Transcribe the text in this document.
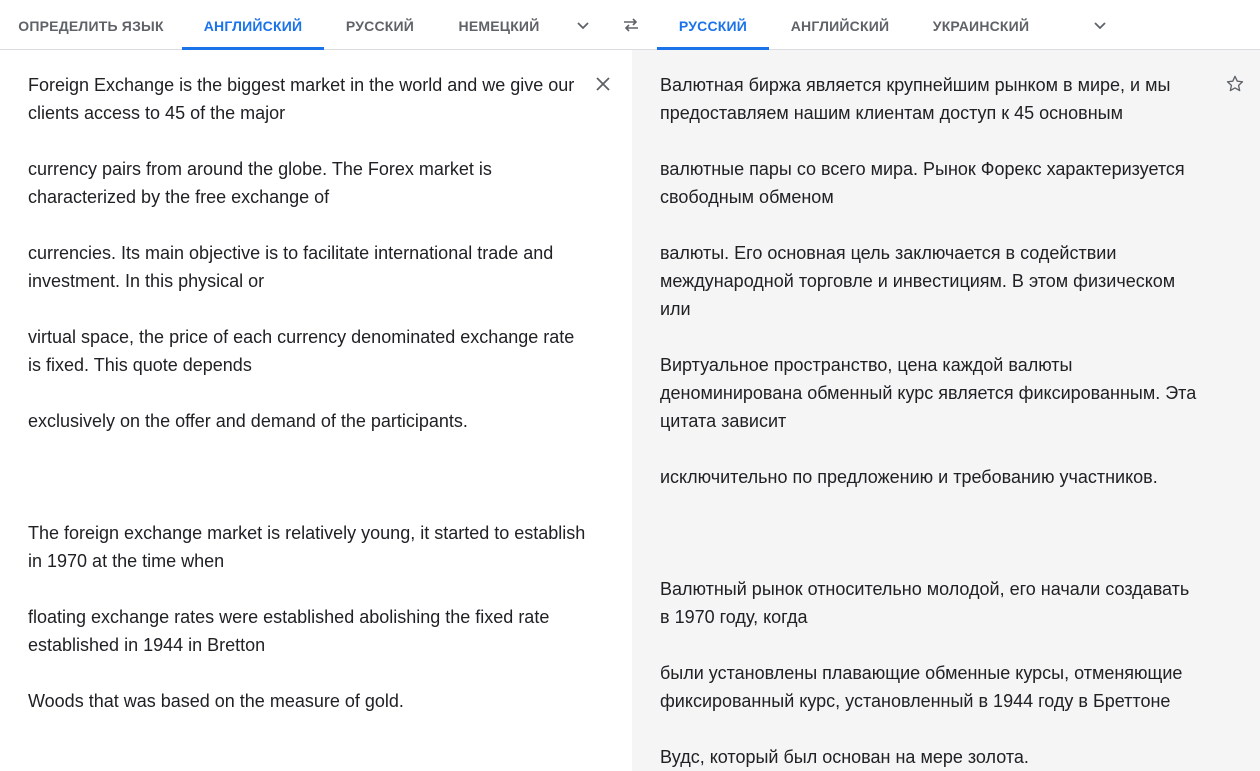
ОПРЕДЕЛИТЬ ЯЗЫК	АНГЛИЙСКИЙ	РУССКИЙ	НЕМЕЦКИЙ	РУССКИЙ	АНГЛИЙСКИЙ	УКРАИНСКИЙ

Foreign Exchange is the biggest market in the world and we give our clients access to 45 of the major

currency pairs from around the globe. The Forex market is characterized by the free exchange of

currencies. Its main objective is to facilitate international trade and investment. In this physical or

virtual space, the price of each currency denominated exchange rate is fixed. This quote depends

exclusively on the offer and demand of the participants.

The foreign exchange market is relatively young, it started to establish in 1970 at the time when

floating exchange rates were established abolishing the fixed rate established in 1944 in Bretton

Woods that was based on the measure of gold.

Валютная биржа является крупнейшим рынком в мире, и мы предоставляем нашим клиентам доступ к 45 основным

валютные пары со всего мира. Рынок Форекс характеризуется свободным обменом

валюты. Его основная цель заключается в содействии международной торговле и инвестициям. В этом физическом или

Виртуальное пространство, цена каждой валюты деноминирована обменный курс является фиксированным. Эта цитата зависит

исключительно по предложению и требованию участников.

Валютный рынок относительно молодой, его начали создавать в 1970 году, когда

были установлены плавающие обменные курсы, отменяющие фиксированный курс, установленный в 1944 году в Бреттоне

Вудс, который был основан на мере золота.
